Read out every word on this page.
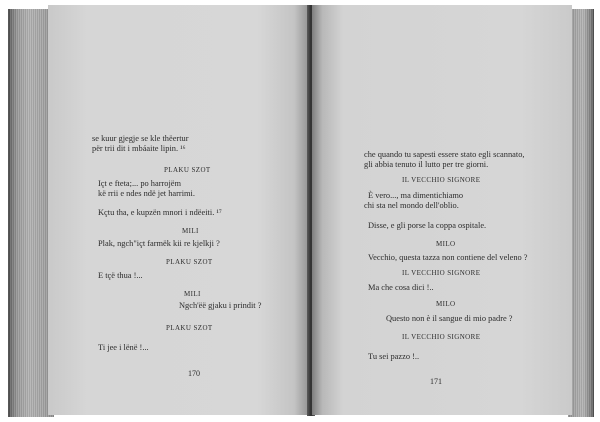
se kuur gjegje se kle thëertur
për trii dit i mbáaite lipin. ¹⁶
PLAKU SZOT
Içt e fteta;... po harrojëm
kë rrii e ndes ndë jet harrimi.
Kçtu tha, e kupzën mnori i ndëeiti. ¹⁷
MILI
Plak, ngch"içt farmëk kii re kjelkji ?
PLAKU SZOT
E tçë thua !...
MILI
Ngch'ëë gjaku i prindit ?
PLAKU SZOT
Ti jee i lënë !...
170
che quando tu sapesti essere stato egli scannato,
gli abbia tenuto il lutto per tre giorni.
IL VECCHIO SIGNORE
È vero..., ma dimentichiamo
chi sta nel mondo dell'oblio.
Disse, e gli porse la coppa ospitale.
MILO
Vecchio, questa tazza non contiene del veleno ?
IL VECCHIO SIGNORE
Ma che cosa dici !..
MILO
Questo non è il sangue di mio padre ?
IL VECCHIO SIGNORE
Tu sei pazzo !..
171
